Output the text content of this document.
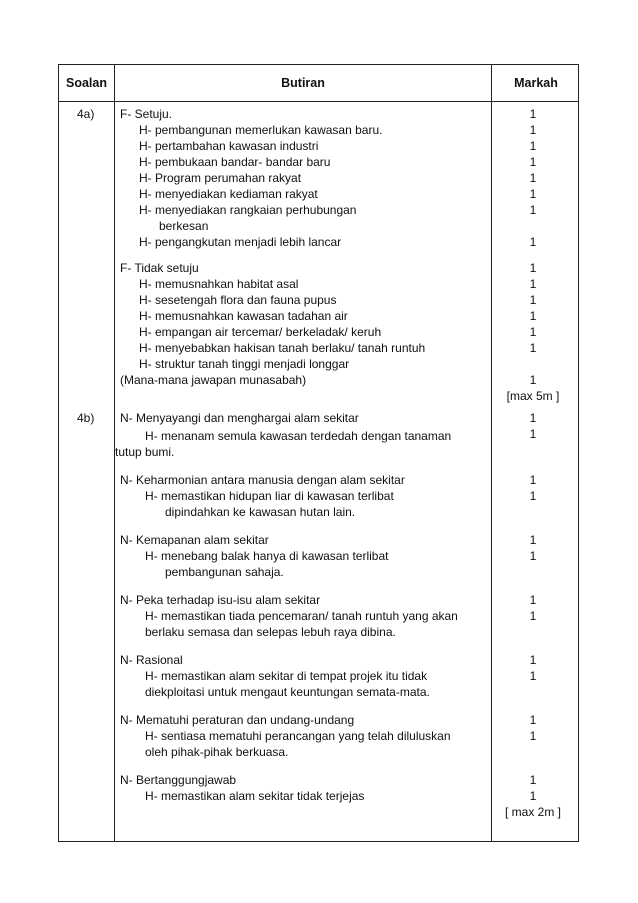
Soalan	Butiran	Markah
4a) F- Setuju.
H- pembangunan memerlukan kawasan baru.
H- pertambahan kawasan industri
H- pembukaan bandar- bandar baru
H- Program perumahan rakyat
H- menyediakan kediaman rakyat
H- menyediakan rangkaian perhubungan
berkesan
H- pengangkutan menjadi lebih lancar
F- Tidak setuju
H- memusnahkan habitat asal
H- sesetengah flora dan fauna pupus
H- memusnahkan kawasan tadahan air
H- empangan air tercemar/ berkeladak/ keruh
H- menyebabkan hakisan tanah berlaku/ tanah runtuh
H- struktur tanah tinggi menjadi longgar
(Mana-mana jawapan munasabah)
1
1
1
1
1
1
1
1
1
1
1
1
1
1
1
[max 5m ]
4b) N- Menyayangi dan menghargai alam sekitar
H- menanam semula kawasan terdedah dengan tanaman
tutup bumi.
N- Keharmonian antara manusia dengan alam sekitar
H- memastikan hidupan liar di kawasan terlibat
dipindahkan ke kawasan hutan lain.
N- Kemapanan alam sekitar
H- menebang balak hanya di kawasan terlibat
pembangunan sahaja.
N- Peka terhadap isu-isu alam sekitar
H- memastikan tiada pencemaran/ tanah runtuh yang akan
berlaku semasa dan selepas lebuh raya dibina.
N- Rasional
H- memastikan alam sekitar di tempat projek itu tidak
diekploitasi untuk mengaut keuntungan semata-mata.
N- Mematuhi peraturan dan undang-undang
H- sentiasa mematuhi perancangan yang telah diluluskan
oleh pihak-pihak berkuasa.
N- Bertanggungjawab
H- memastikan alam sekitar tidak terjejas
1
1
1
1
1
1
1
1
1
1
1
1
1
1
[ max 2m ]
